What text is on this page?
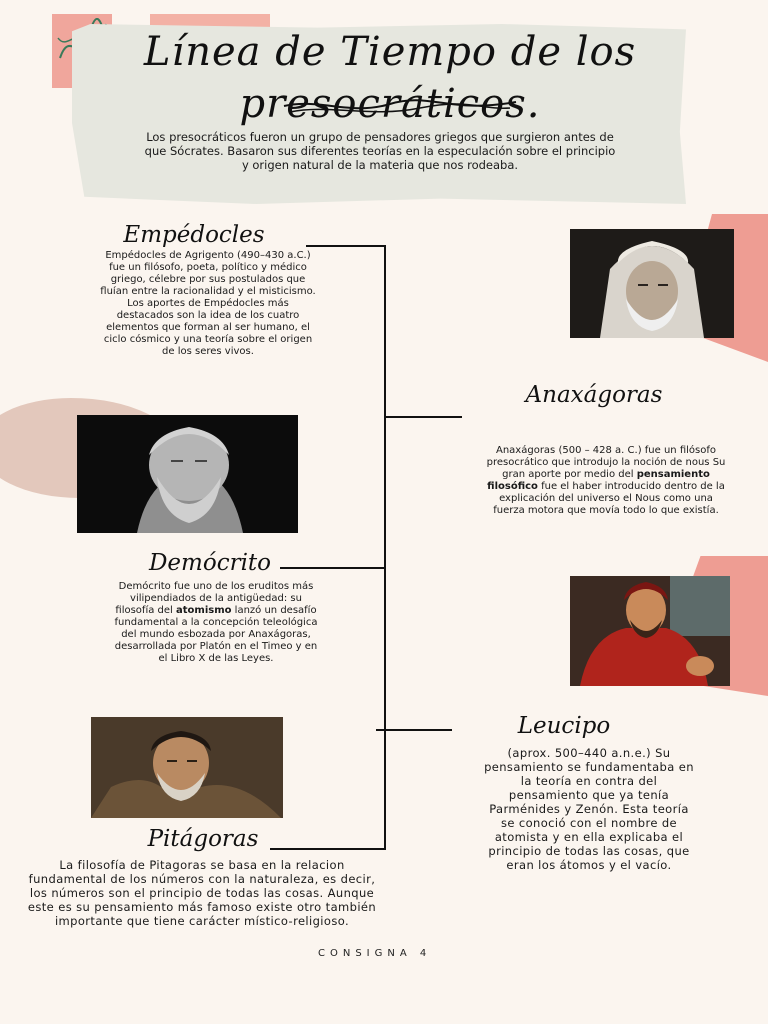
Línea de Tiempo de los
presocráticos.
Los presocráticos fueron un grupo de pensadores griegos que surgieron antes de que Sócrates. Basaron sus diferentes teorías en la especulación sobre el principio y origen natural de la materia que nos rodeaba.
Empédocles
Empédocles de Agrigento (490–430 a.C.) fue un filósofo, poeta, político y médico griego, célebre por sus postulados que fluían entre la racionalidad y el misticismo. Los aportes de Empédocles más destacados son la idea de los cuatro elementos que forman al ser humano, el ciclo cósmico y una teoría sobre el origen de los seres vivos.
Anaxágoras
Anaxágoras (500 – 428 a. C.) fue un filósofo presocrático que introdujo la noción de nous Su gran aporte por medio del pensamiento filosófico fue el haber introducido dentro de la explicación del universo el Nous como una fuerza motora que movía todo lo que existía.
Demócrito
Demócrito fue uno de los eruditos más vilipendiados de la antigüedad: su filosofía del atomismo lanzó un desafío fundamental a la concepción teleológica del mundo esbozada por Anaxágoras, desarrollada por Platón en el Timeo y en el Libro X de las Leyes.
Leucipo
(aprox. 500–440 a.n.e.) Su pensamiento se fundamentaba en la teoría en contra del pensamiento que ya tenía Parménides y Zenón. Esta teoría se conoció con el nombre de atomista y en ella explicaba el principio de todas las cosas, que eran los átomos y el vacío.
Pitágoras
La filosofía de Pitagoras se basa en la relacion fundamental de los números con la naturaleza, es decir, los números son el principio de todas las cosas. Aunque este es su pensamiento más famoso existe otro también importante que tiene carácter místico-religioso.
CONSIGNA 4
